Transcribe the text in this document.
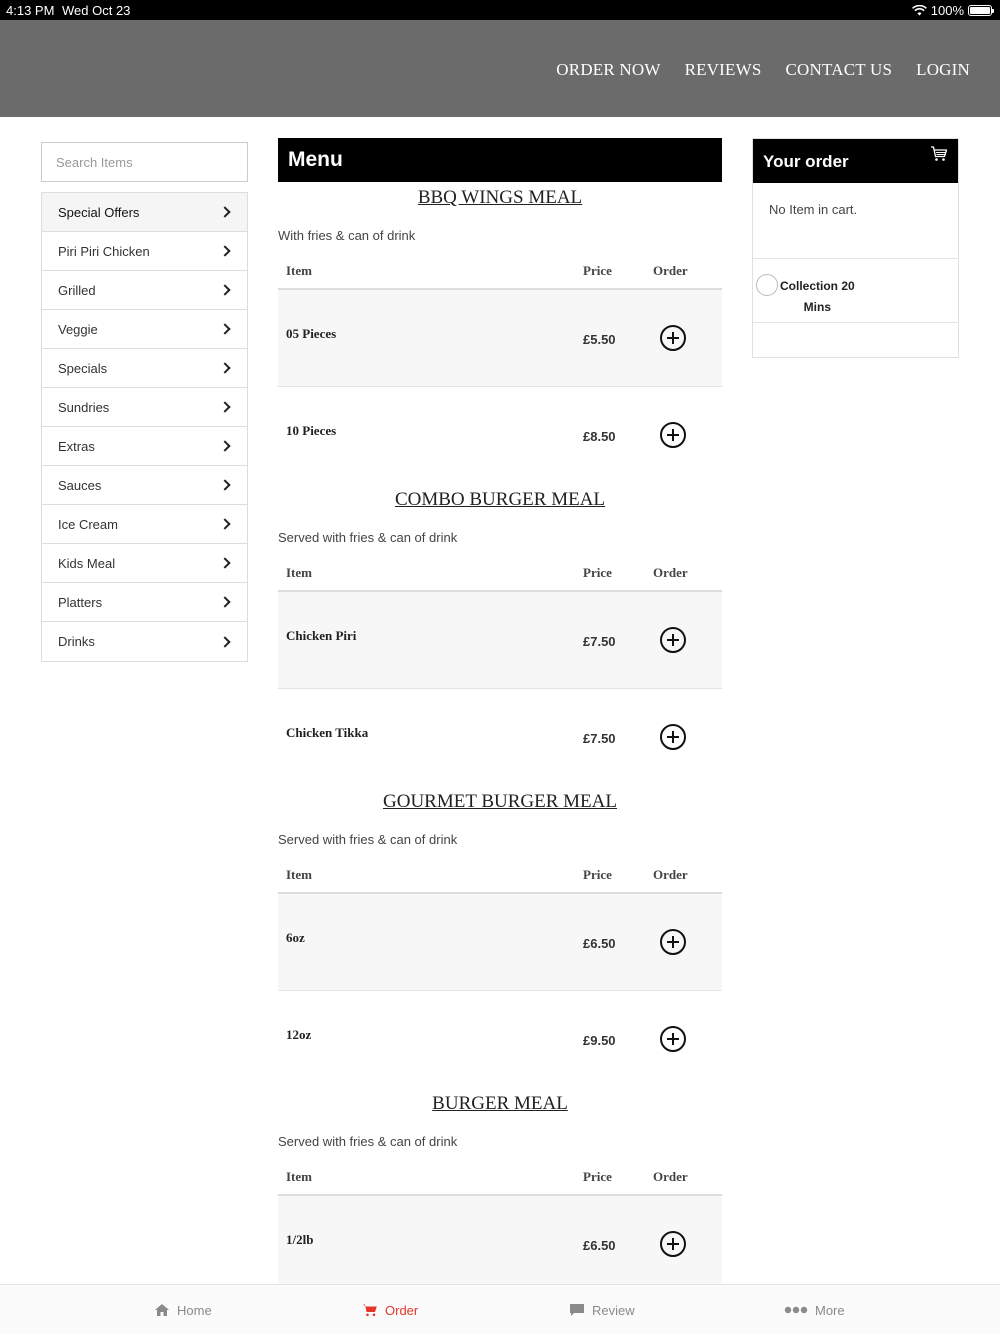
4:13 PM Wed Oct 23	100%
ORDER NOW REVIEWS CONTACT US LOGIN
Search Items
Special Offers
Piri Piri Chicken
Grilled
Veggie
Specials
Sundries
Extras
Sauces
Ice Cream
Kids Meal
Platters
Drinks
Menu
BBQ WINGS MEAL
With fries & can of drink
Item	Price	Order
05 Pieces	£5.50
10 Pieces	£8.50
COMBO BURGER MEAL
Served with fries & can of drink
Item	Price	Order
Chicken Piri	£7.50
Chicken Tikka	£7.50
GOURMET BURGER MEAL
Served with fries & can of drink
Item	Price	Order
6oz	£6.50
12oz	£9.50
BURGER MEAL
Served with fries & can of drink
Item	Price	Order
1/2lb	£6.50
Your order
No Item in cart.
Collection 20
Mins
Home	Order	Review	More
